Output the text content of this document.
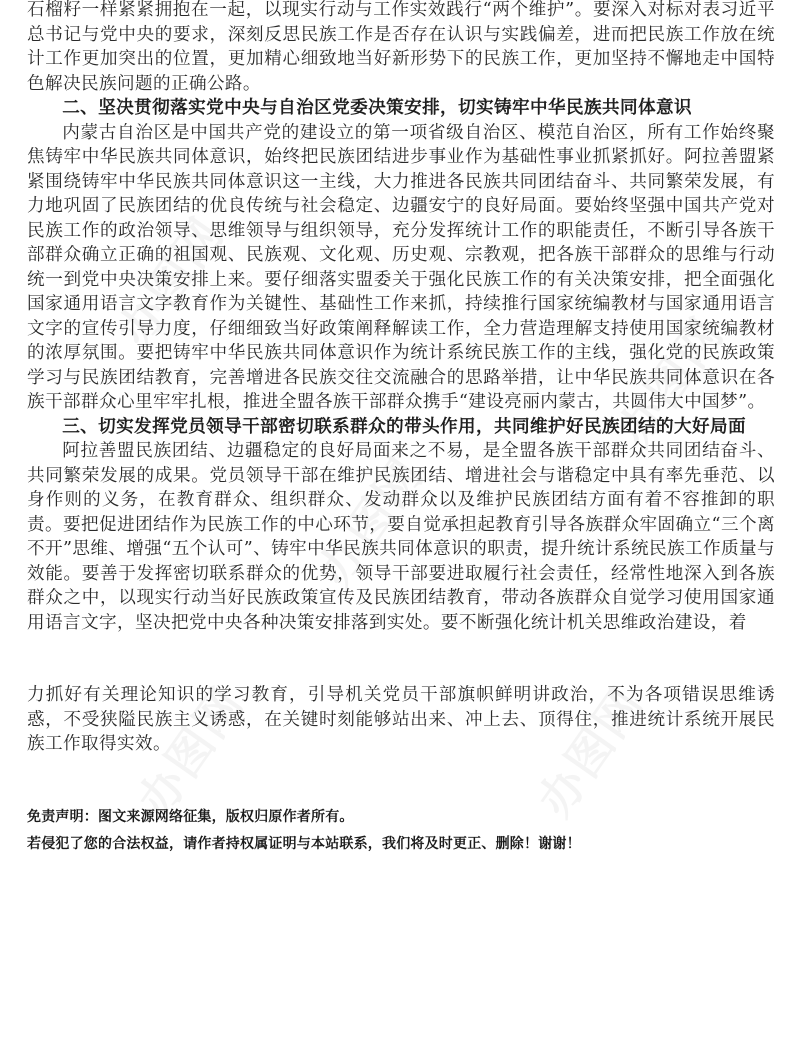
石榴籽一样紧紧拥抱在一起，以现实行动与工作实效践行“两个维护”。要深入对标对表习近平总书记与党中央的要求，深刻反思民族工作是否存在认识与实践偏差，进而把民族工作放在统计工作更加突出的位置，更加精心细致地当好新形势下的民族工作，更加坚持不懈地走中国特色解决民族问题的正确公路。

二、坚决贯彻落实党中央与自治区党委决策安排，切实铸牢中华民族共同体意识

内蒙古自治区是中国共产党的建设立的第一项省级自治区、模范自治区，所有工作始终聚焦铸牢中华民族共同体意识，始终把民族团结进步事业作为基础性事业抓紧抓好。阿拉善盟紧紧围绕铸牢中华民族共同体意识这一主线，大力推进各民族共同团结奋斗、共同繁荣发展，有力地巩固了民族团结的优良传统与社会稳定、边疆安宁的良好局面。要始终坚强中国共产党对民族工作的政治领导、思维领导与组织领导，充分发挥统计工作的职能责任，不断引导各族干部群众确立正确的祖国观、民族观、文化观、历史观、宗教观，把各族干部群众的思维与行动统一到党中央决策安排上来。要仔细落实盟委关于强化民族工作的有关决策安排，把全面强化国家通用语言文字教育作为关键性、基础性工作来抓，持续推行国家统编教材与国家通用语言文字的宣传引导力度，仔细细致当好政策阐释解读工作，全力营造理解支持使用国家统编教材的浓厚氛围。要把铸牢中华民族共同体意识作为统计系统民族工作的主线，强化党的民族政策学习与民族团结教育，完善增进各民族交往交流融合的思路举措，让中华民族共同体意识在各族干部群众心里牢牢扎根，推进全盟各族干部群众携手“建设亮丽内蒙古，共圆伟大中国梦”。

三、切实发挥党员领导干部密切联系群众的带头作用，共同维护好民族团结的大好局面

阿拉善盟民族团结、边疆稳定的良好局面来之不易，是全盟各族干部群众共同团结奋斗、共同繁荣发展的成果。党员领导干部在维护民族团结、增进社会与谐稳定中具有率先垂范、以身作则的义务，在教育群众、组织群众、发动群众以及维护民族团结方面有着不容推卸的职责。要把促进团结作为民族工作的中心环节，要自觉承担起教育引导各族群众牢固确立“三个离不开”思维、增强“五个认可”、铸牢中华民族共同体意识的职责，提升统计系统民族工作质量与效能。要善于发挥密切联系群众的优势，领导干部要进取履行社会责任，经常性地深入到各族群众之中，以现实行动当好民族政策宣传及民族团结教育，带动各族群众自觉学习使用国家通用语言文字，坚决把党中央各种决策安排落到实处。要不断强化统计机关思维政治建设，着

力抓好有关理论知识的学习教育，引导机关党员干部旗帜鲜明讲政治，不为各项错误思维诱惑，不受狭隘民族主义诱惑，在关键时刻能够站出来、冲上去、顶得住，推进统计系统开展民族工作取得实效。

免责声明：图文来源网络征集，版权归原作者所有。

若侵犯了您的合法权益，请作者持权属证明与本站联系，我们将及时更正、删除！谢谢！
